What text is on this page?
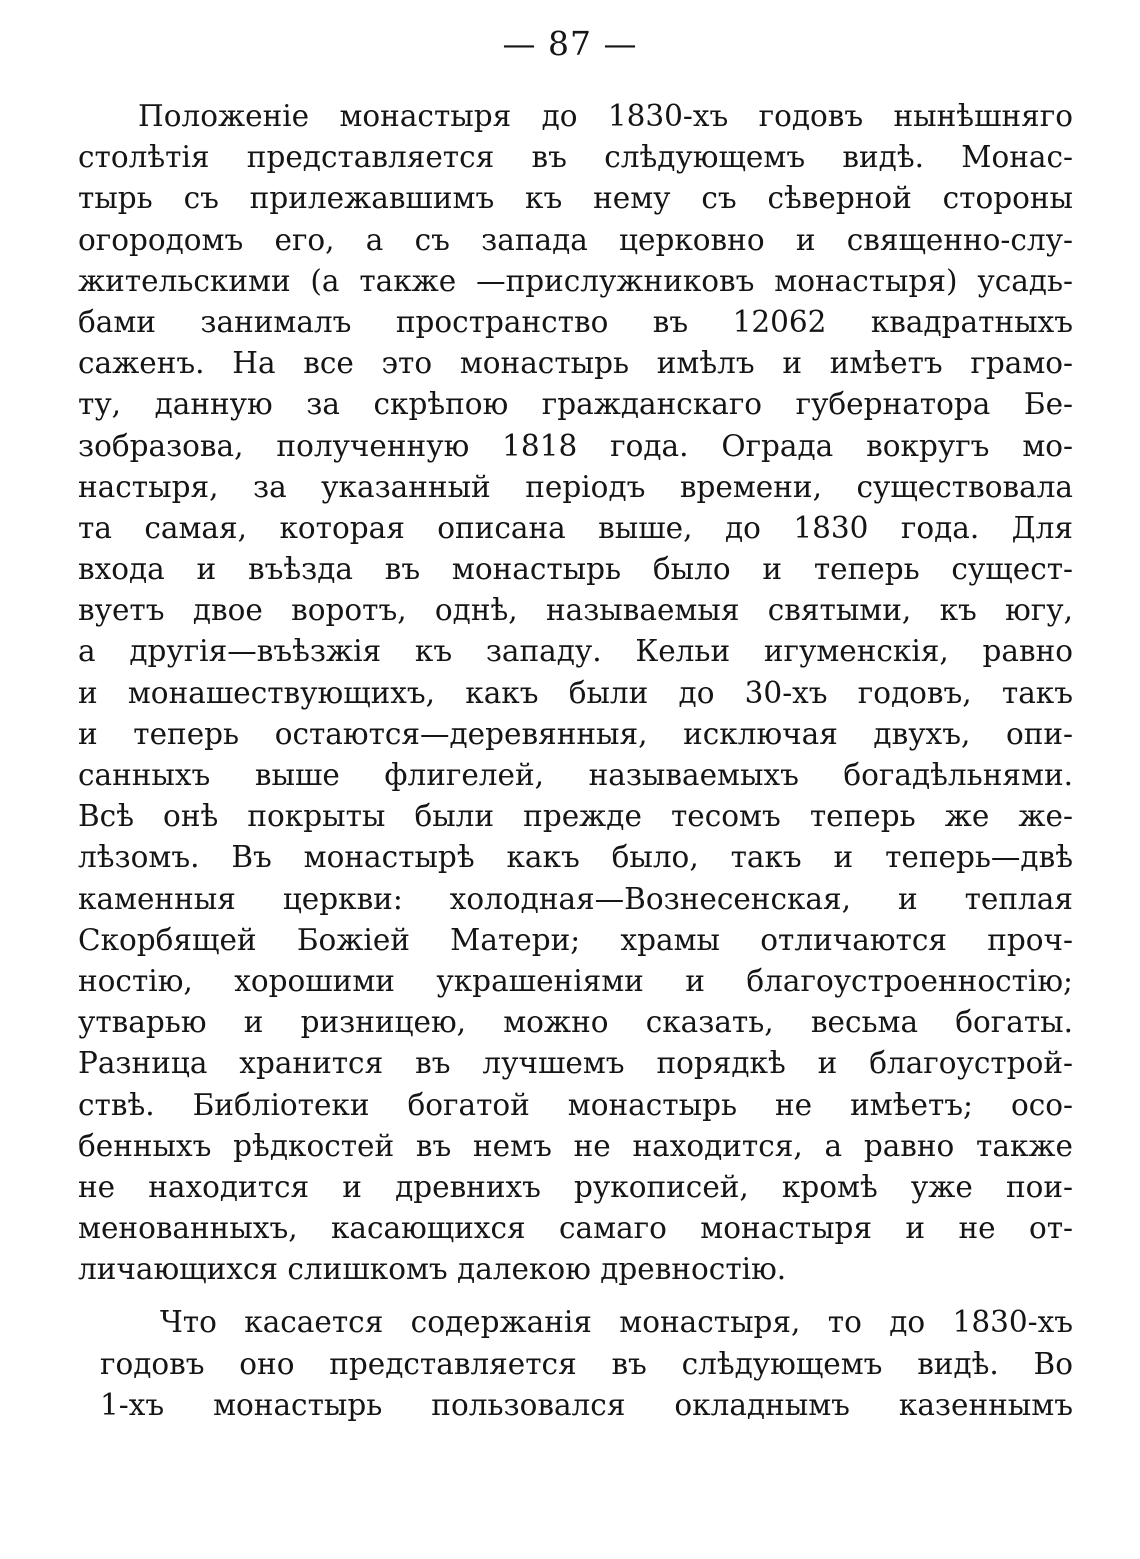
— 87 —
Положеніе монастыря до 1830-хъ годовъ нынѣшняго
столѣтія представляется въ слѣдующемъ видѣ. Монас-
тырь съ прилежавшимъ къ нему съ сѣверной стороны
огородомъ его, а съ запада церковно и священно-слу-
жительскими (а также —прислужниковъ монастыря) усадь-
бами занималъ пространство въ 12062 квадратныхъ
саженъ. На все это монастырь имѣлъ и имѣетъ грамо-
ту, данную за скрѣпою гражданскаго губернатора Бе-
зобразова, полученную 1818 года. Ограда вокругъ мо-
настыря, за указанный періодъ времени, существовала
та самая, которая описана выше, до 1830 года. Для
входа и въѣзда въ монастырь было и теперь сущест-
вуетъ двое воротъ, однѣ, называемыя святыми, къ югу,
а другія—въѣзжія къ западу. Кельи игуменскія, равно
и монашествующихъ, какъ были до 30-хъ годовъ, такъ
и теперь остаются—деревянныя, исключая двухъ, опи-
санныхъ выше флигелей, называемыхъ богадѣльнями.
Всѣ онѣ покрыты были прежде тесомъ теперь же же-
лѣзомъ. Въ монастырѣ какъ было, такъ и теперь—двѣ
каменныя церкви: холодная—Вознесенская, и теплая
Скорбящей Божіей Матери; храмы отличаются проч-
ностію, хорошими украшеніями и благоустроенностію;
утварью и ризницею, можно сказать, весьма богаты.
Разница хранится въ лучшемъ порядкѣ и благоустрой-
ствѣ. Библіотеки богатой монастырь не имѣетъ; осо-
бенныхъ рѣдкостей въ немъ не находится, а равно также
не находится и древнихъ рукописей, кромѣ уже пои-
менованныхъ, касающихся самаго монастыря и не от-
личающихся слишкомъ далекою древностію.
Что касается содержанія монастыря, то до 1830-хъ
годовъ оно представляется въ слѣдующемъ видѣ. Во
1-хъ монастырь пользовался окладнымъ казеннымъ
